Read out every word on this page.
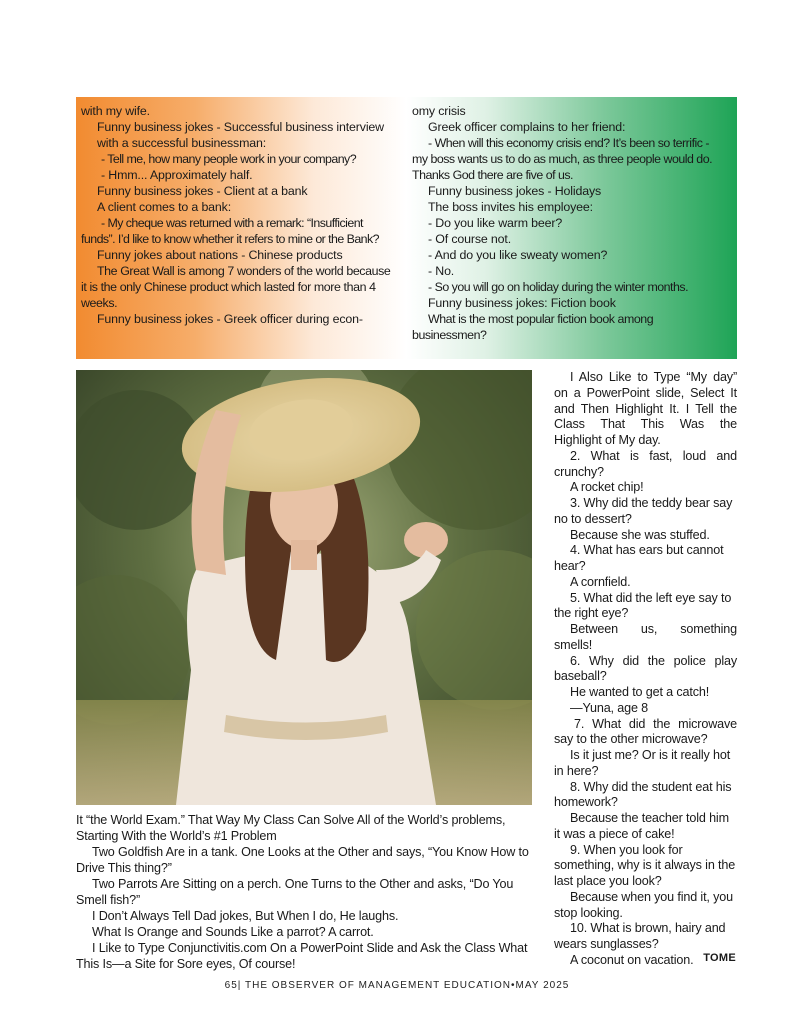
with my wife.

Funny business jokes - Successful business interview with a successful businessman:

- Tell me, how many people work in your company?

- Hmm... Approximately half.

Funny business jokes - Client at a bank

A client comes to a bank:

- My cheque was returned with a remark: “Insufficient funds”. I’d like to know whether it refers to mine or the Bank?

Funny jokes about nations - Chinese products

The Great Wall is among 7 wonders of the world because it is the only Chinese product which lasted for more than 4 weeks.

Funny business jokes - Greek officer during econ-

omy crisis

Greek officer complains to her friend:

- When will this economy crisis end? It’s been so terrific - my boss wants us to do as much, as three people would do. Thanks God there are five of us.

Funny business jokes - Holidays

The boss invites his employee:

- Do you like warm beer?

- Of course not.

- And do you like sweaty women?

- No.

- So you will go on holiday during the winter months.

Funny business jokes: Fiction book

What is the most popular fiction book among businessmen?

It “the World Exam.” That Way My Class Can Solve All of the World’s problems, Starting With the World’s #1 Problem

Two Goldfish Are in a tank. One Looks at the Other and says, “You Know How to Drive This thing?”

Two Parrots Are Sitting on a perch. One Turns to the Other and asks, “Do You Smell fish?”

I Don’t Always Tell Dad jokes, But When I do, He laughs.

What Is Orange and Sounds Like a parrot? A carrot.

I Like to Type Conjunctivitis.com On a PowerPoint Slide and Ask the Class What This Is—a Site for Sore eyes, Of course!

I Also Like to Type “My day” on a PowerPoint slide, Select It and Then Highlight It. I Tell the Class That This Was the Highlight of My day.

2. What is fast, loud and crunchy?

A rocket chip!

3. Why did the teddy bear say no to dessert?

Because she was stuffed.

4. What has ears but cannot hear?

A cornfield.

5. What did the left eye say to the right eye?

Between us, something smells!

6. Why did the police play baseball?

He wanted to get a catch!

—Yuna, age 8

7. What did the microwave say to the other microwave?

Is it just me? Or is it really hot in here?

8. Why did the student eat his homework?

Because the teacher told him it was a piece of cake!

9. When you look for something, why is it always in the last place you look?

Because when you find it, you stop looking.

10. What is brown, hairy and wears sunglasses?

A coconut on vacation. TOME
65| THE OBSERVER OF MANAGEMENT EDUCATION•MAY 2025
